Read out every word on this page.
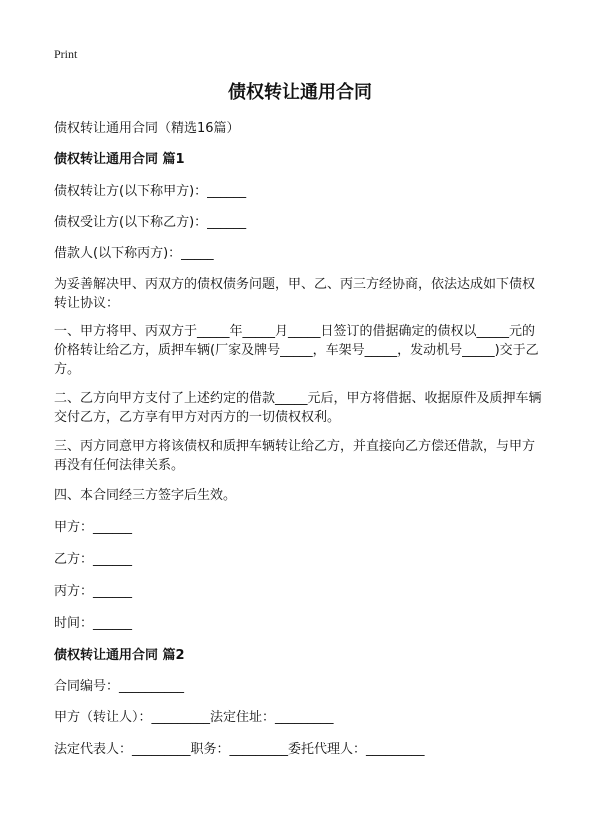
Print
债权转让通用合同
债权转让通用合同（精选16篇）
债权转让通用合同 篇1
债权转让方(以下称甲方)：______
债权受让方(以下称乙方)：______
借款人(以下称丙方)：_____
为妥善解决甲、丙双方的债权债务问题，甲、乙、丙三方经协商，依法达成如下债权转让协议：
一、甲方将甲、丙双方于_____年_____月_____日签订的借据确定的债权以_____元的价格转让给乙方，质押车辆(厂家及牌号_____，车架号_____，发动机号_____)交于乙方。
二、乙方向甲方支付了上述约定的借款_____元后，甲方将借据、收据原件及质押车辆交付乙方，乙方享有甲方对丙方的一切债权权利。
三、丙方同意甲方将该债权和质押车辆转让给乙方，并直接向乙方偿还借款，与甲方再没有任何法律关系。
四、本合同经三方签字后生效。
甲方：______
乙方：______
丙方：______
时间：______
债权转让通用合同 篇2
合同编号：__________
甲方（转让人）：_________法定住址：_________
法定代表人：_________职务：_________委托代理人：_________
